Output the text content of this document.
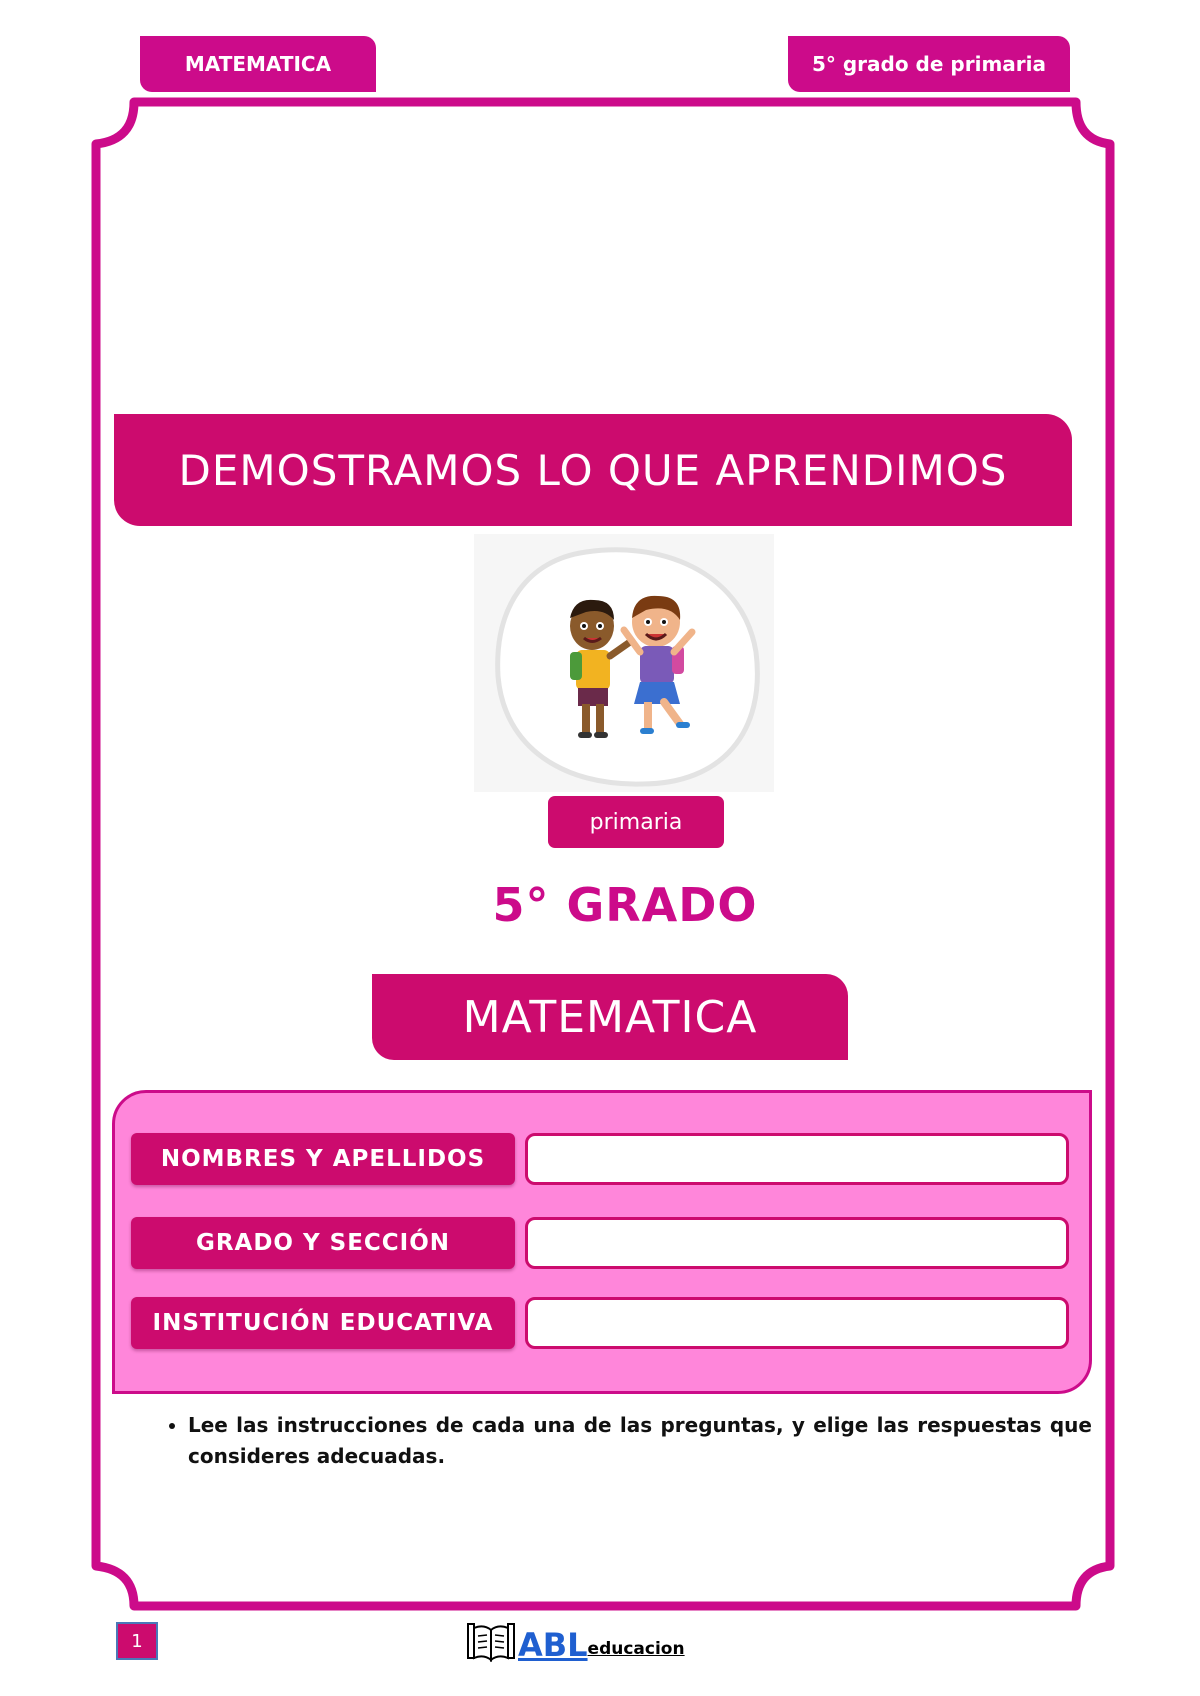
MATEMATICA	5° grado de primaria
DEMOSTRAMOS LO QUE APRENDIMOS
primaria
5° GRADO
MATEMATICA
NOMBRES Y APELLIDOS
GRADO Y SECCIÓN
INSTITUCIÓN EDUCATIVA
• Lee las instrucciones de cada una de las preguntas, y elige las respuestas que consideres adecuadas.
1	ABL educacion
